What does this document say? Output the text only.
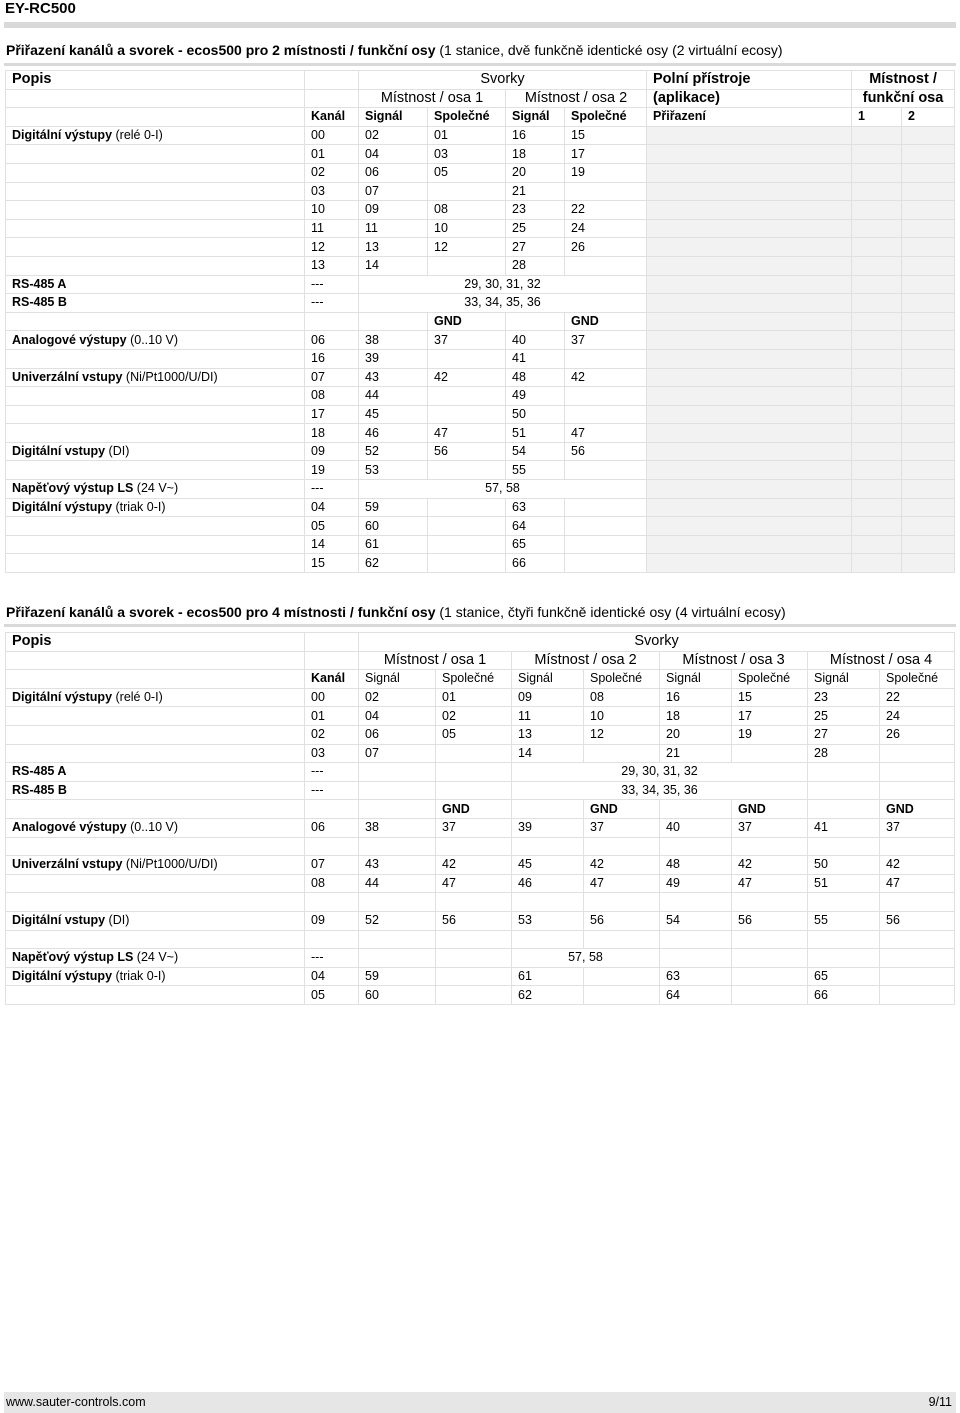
EY-RC500
Přiřazení kanálů a svorek - ecos500 pro 2 místnosti / funkční osy (1 stanice, dvě funkčně identické osy (2 virtuální ecosy)
Popis		Svorky				Polní přístroje	Místnost /	
		Místnost / osa 1		Místnost / osa 2		(aplikace)	funkční osa	
	Kanál	Signál	Společné	Signál	Společné	Přiřazení	1	2
Digitální výstupy (relé 0-I)	00	02	01	16	15			
	01	04	03	18	17			
	02	06	05	20	19			
	03	07		21				
	10	09	08	23	22			
	11	11	10	25	24			
	12	13	12	27	26			
	13	14		28				
RS-485 A	---	29, 30, 31, 32						
RS-485 B	---	33, 34, 35, 36						
			GND		GND			
Analogové výstupy (0..10 V)	06	38	37	40	37			
	16	39		41				
Univerzální vstupy (Ni/Pt1000/U/DI)	07	43	42	48	42			
	08	44		49				
	17	45		50				
	18	46	47	51	47			
Digitální vstupy (DI)	09	52	56	54	56			
	19	53		55				
Napěťový výstup LS (24 V~)	---	57, 58						
Digitální výstupy (triak 0-I)	04	59		63				
	05	60		64				
	14	61		65				
	15	62		66				
Přiřazení kanálů a svorek - ecos500 pro 4 místnosti / funkční osy (1 stanice, čtyři funkčně identické osy (4 virtuální ecosy)
Popis		Svorky							
		Místnost / osa 1		Místnost / osa 2		Místnost / osa 3		Místnost / osa 4	
	Kanál	Signál	Společné	Signál	Společné	Signál	Společné	Signál	Společné
Digitální výstupy (relé 0-I)	00	02	01	09	08	16	15	23	22
	01	04	02	11	10	18	17	25	24
	02	06	05	13	12	20	19	27	26
	03	07		14		21		28	
RS-485 A	---			29, 30, 31, 32					
RS-485 B	---			33, 34, 35, 36					
			GND		GND		GND		GND
Analogové výstupy (0..10 V)	06	38	37	39	37	40	37	41	37

Univerzální vstupy (Ni/Pt1000/U/DI)	07	43	42	45	42	48	42	50	42
	08	44	47	46	47	49	47	51	47

Digitální vstupy (DI)	09	52	56	53	56	54	56	55	56

Napěťový výstup LS (24 V~)	---			57, 58					
Digitální výstupy (triak 0-I)	04	59		61		63		65	
	05	60		62		64		66	
www.sauter-controls.com	9/11
